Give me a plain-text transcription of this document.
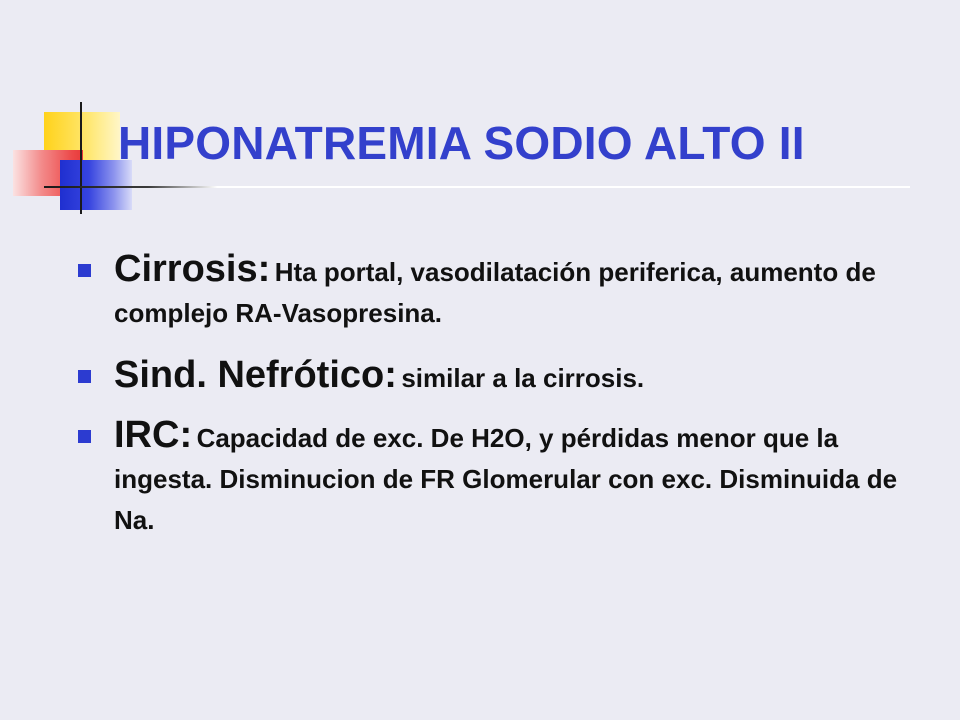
HIPONATREMIA SODIO ALTO II
Cirrosis: Hta portal, vasodilatación periferica, aumento de complejo RA-Vasopresina.
Sind. Nefrótico: similar a la cirrosis.
IRC: Capacidad de exc. De H2O, y pérdidas menor que la ingesta. Disminucion de FR Glomerular con exc. Disminuida de Na.
